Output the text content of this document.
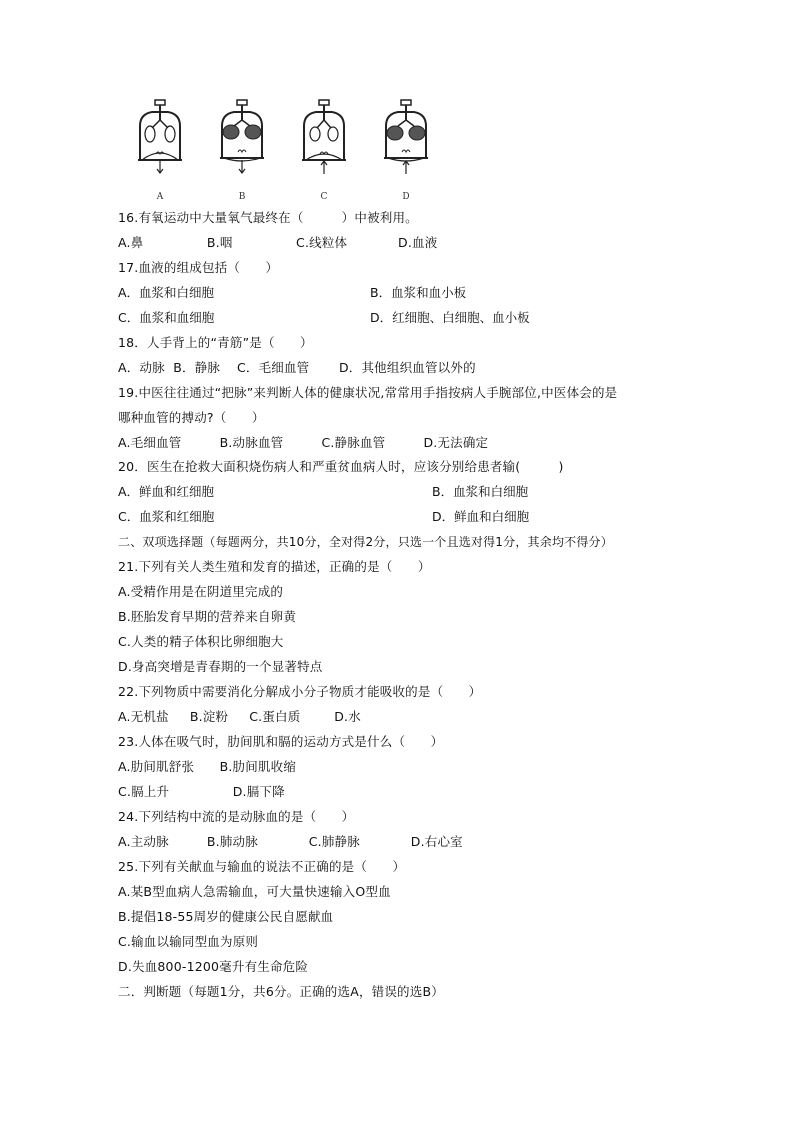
A	B	C	D
16.有氧运动中大量氧气最终在（　　　）中被利用。
A.鼻　　　　　B.咽　　　　　C.线粒体　　　　D.血液
17.血液的组成包括（　　）
A．血浆和白细胞	B．血浆和血小板
C．血浆和血细胞	D．红细胞、白细胞、血小板
18．人手背上的“青筋”是（　　）
A．动脉  B．静脉　 C．毛细血管　　 D．其他组织血管以外的
19.中医往往通过“把脉”来判断人体的健康状况,常常用手指按病人手腕部位,中医体会的是
哪种血管的搏动?（　　）
A.毛细血管　　　B.动脉血管　　　C.静脉血管　　　D.无法确定
20．医生在抢救大面积烧伤病人和严重贫血病人时，应该分别给患者输(　　　)
A．鲜血和红细胞	B．血浆和白细胞
C．血浆和红细胞	D．鲜血和白细胞
二、双项选择题（每题两分，共10分，全对得2分，只选一个且选对得1分，其余均不得分）
21.下列有关人类生殖和发育的描述，正确的是（　　）
A.受精作用是在阴道里完成的
B.胚胎发育早期的营养来自卵黄
C.人类的精子体积比卵细胞大
D.身高突增是青春期的一个显著特点
22.下列物质中需要消化分解成小分子物质才能吸收的是（　　）
A.无机盐　  B.淀粉　  C.蛋白质　　  D.水
23.人体在吸气时，肋间肌和膈的运动方式是什么（　　）
A.肋间肌舒张　　B.肋间肌收缩
C.膈上升　　　　　D.膈下降
24.下列结构中流的是动脉血的是（　　）
A.主动脉　　　B.肺动脉　　　　C.肺静脉　　　　D.右心室
25.下列有关献血与输血的说法不正确的是（　　）
A.某B型血病人急需输血，可大量快速输入O型血
B.提倡18-55周岁的健康公民自愿献血
C.输血以输同型血为原则
D.失血800-1200毫升有生命危险
二．判断题（每题1分，共6分。正确的选A，错误的选B）
